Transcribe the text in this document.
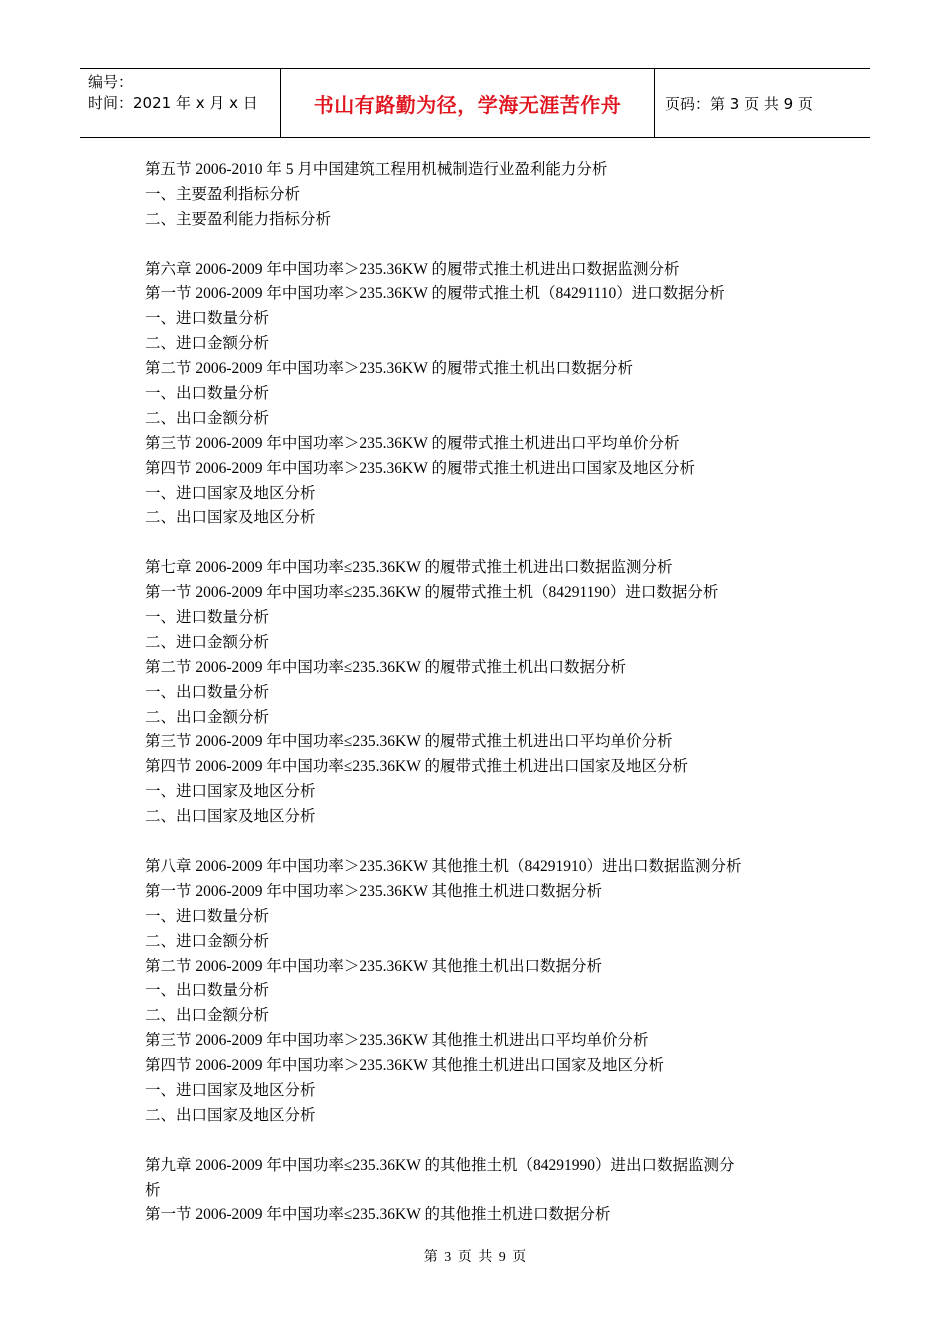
编号：
时间：2021 年 x 月 x 日	书山有路勤为径，学海无涯苦作舟	页码：第 3 页 共 9 页
第五节 2006-2010 年 5 月中国建筑工程用机械制造行业盈利能力分析
一、主要盈利指标分析
二、主要盈利能力指标分析
第六章 2006-2009 年中国功率＞235.36KW 的履带式推土机进出口数据监测分析
第一节 2006-2009 年中国功率＞235.36KW 的履带式推土机（84291110）进口数据分析
一、进口数量分析
二、进口金额分析
第二节 2006-2009 年中国功率＞235.36KW 的履带式推土机出口数据分析
一、出口数量分析
二、出口金额分析
第三节 2006-2009 年中国功率＞235.36KW 的履带式推土机进出口平均单价分析
第四节 2006-2009 年中国功率＞235.36KW 的履带式推土机进出口国家及地区分析
一、进口国家及地区分析
二、出口国家及地区分析
第七章 2006-2009 年中国功率≤235.36KW 的履带式推土机进出口数据监测分析
第一节 2006-2009 年中国功率≤235.36KW 的履带式推土机（84291190）进口数据分析
一、进口数量分析
二、进口金额分析
第二节 2006-2009 年中国功率≤235.36KW 的履带式推土机出口数据分析
一、出口数量分析
二、出口金额分析
第三节 2006-2009 年中国功率≤235.36KW 的履带式推土机进出口平均单价分析
第四节 2006-2009 年中国功率≤235.36KW 的履带式推土机进出口国家及地区分析
一、进口国家及地区分析
二、出口国家及地区分析
第八章 2006-2009 年中国功率＞235.36KW 其他推土机（84291910）进出口数据监测分析
第一节 2006-2009 年中国功率＞235.36KW 其他推土机进口数据分析
一、进口数量分析
二、进口金额分析
第二节 2006-2009 年中国功率＞235.36KW 其他推土机出口数据分析
一、出口数量分析
二、出口金额分析
第三节 2006-2009 年中国功率＞235.36KW 其他推土机进出口平均单价分析
第四节 2006-2009 年中国功率＞235.36KW 其他推土机进出口国家及地区分析
一、进口国家及地区分析
二、出口国家及地区分析
第九章 2006-2009 年中国功率≤235.36KW 的其他推土机（84291990）进出口数据监测分
析
第一节 2006-2009 年中国功率≤235.36KW 的其他推土机进口数据分析
第 3 页 共 9 页
